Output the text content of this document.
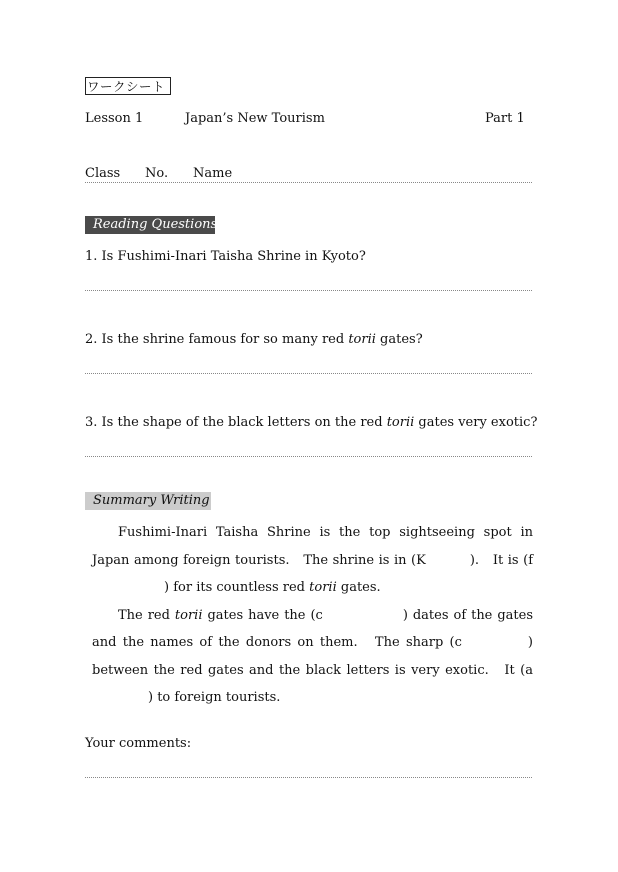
ワークシート
Lesson 1	Japan’s New Tourism	Part 1
Class No. Name
Reading Questions
1. Is Fushimi-Inari Taisha Shrine in Kyoto?
2. Is the shrine famous for so many red torii gates?
3. Is the shape of the black letters on the red torii gates very exotic?
Summary Writing

Fushimi-Inari Taisha Shrine is the top sightseeing spot in Japan among foreign tourists.　The shrine is in (K	).　It is (f) for its countless red torii gates.

The red torii gates have the (c	) dates of the gates and the names of the donors on them.　The sharp (c	) between the red gates and the black letters is very exotic.　It (a) to foreign tourists.

Your comments:
